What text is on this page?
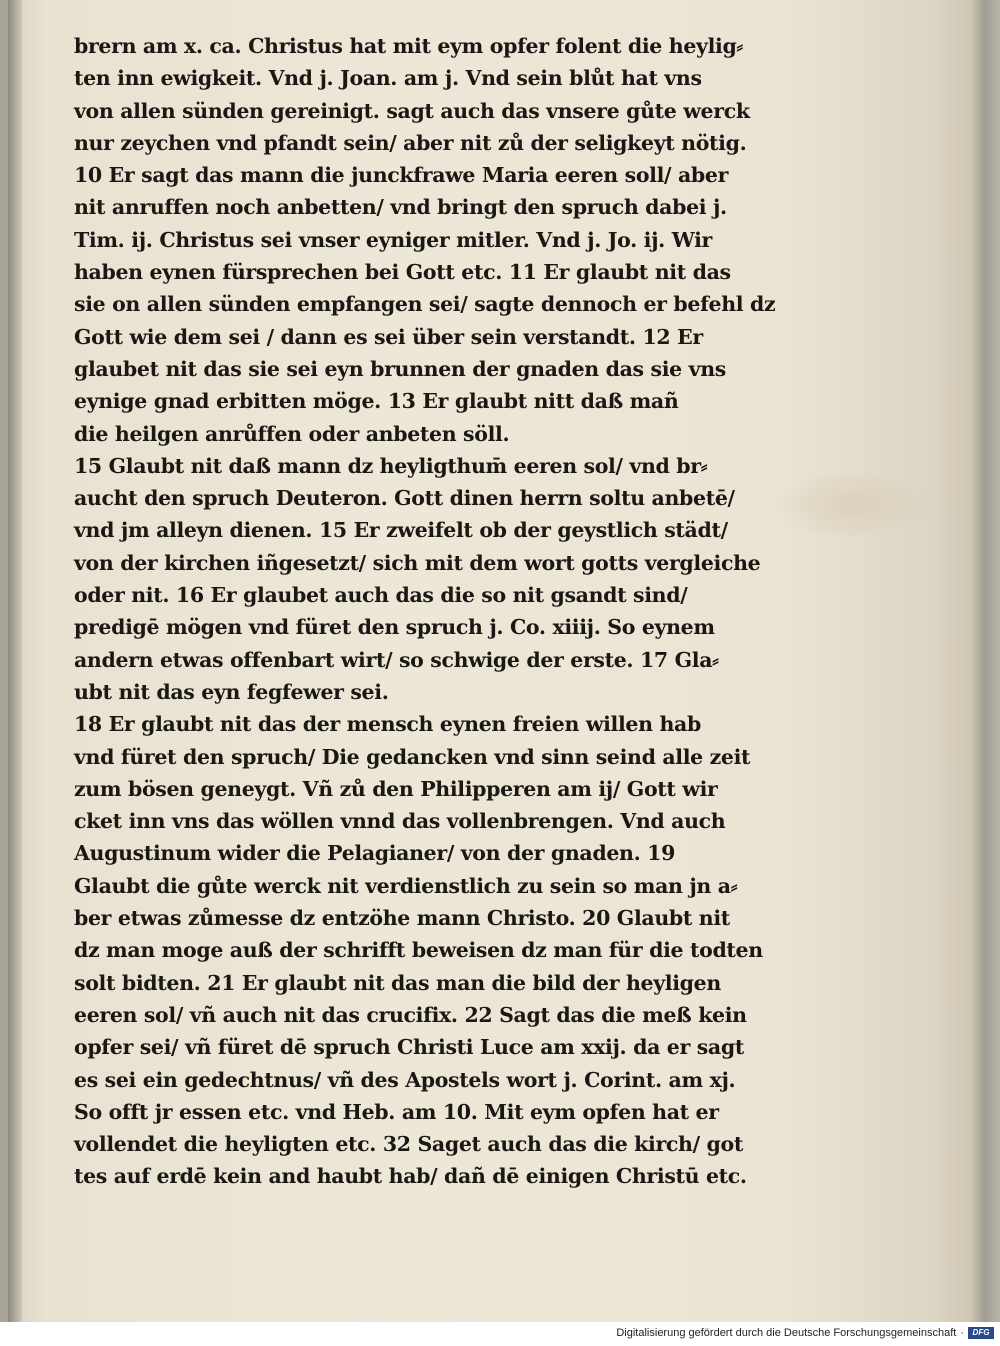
brern am x. ca. Christus hat mit eym opfer folent die heylig⸗
ten inn ewigkeit. Vnd j. Joan. am j. Vnd sein blůt hat vns
von allen sünden gereinigt. sagt auch das vnsere gůte werck
nur zeychen vnd pfandt sein/ aber nit zů der seligkeyt nötig.
10 Er sagt das mann die junckfrawe Maria eeren soll/ aber
nit anruffen noch anbetten/ vnd bringt den spruch dabei j.
Tim. ij. Christus sei vnser eyniger mitler. Vnd j. Jo. ij. Wir
haben eynen fürsprechen bei Gott etc. 11 Er glaubt nit das
sie on allen sünden empfangen sei/ sagte dennoch er befehl dz
Gott wie dem sei / dann es sei über sein verstandt. 12 Er
glaubet nit das sie sei eyn brunnen der gnaden das sie vns
eynige gnad erbitten möge. 13 Er glaubt nitt daß mañ
die heilgen anrůffen oder anbeten söll.
15 Glaubt nit daß mann dz heyligthum̄ eeren sol/ vnd br⸗
aucht den spruch Deuteron. Gott dinen herrn soltu anbetē/
vnd jm alleyn dienen. 15 Er zweifelt ob der geystlich städt/
von der kirchen iñgesetzt/ sich mit dem wort gotts vergleiche
oder nit. 16 Er glaubet auch das die so nit gsandt sind/
predigē mögen vnd füret den spruch j. Co. xiiij. So eynem
andern etwas offenbart wirt/ so schwige der erste. 17 Gla⸗
ubt nit das eyn fegfewer sei.
18 Er glaubt nit das der mensch eynen freien willen hab
vnd füret den spruch/ Die gedancken vnd sinn seind alle zeit
zum bösen geneygt. Vñ zů den Philipperen am ij/ Gott wir
cket inn vns das wöllen vnnd das vollenbrengen. Vnd auch
Augustinum wider die Pelagianer/ von der gnaden. 19
Glaubt die gůte werck nit verdienstlich zu sein so man jn a⸗
ber etwas zůmesse dz entzöhe mann Christo. 20 Glaubt nit
dz man moge auß der schrifft beweisen dz man für die todten
solt bidten. 21 Er glaubt nit das man die bild der heyligen
eeren sol/ vñ auch nit das crucifix. 22 Sagt das die meß kein
opfer sei/ vñ füret dē spruch Christi Luce am xxij. da er sagt
es sei ein gedechtnus/ vñ des Apostels wort j. Corint. am xj.
So offt jr essen etc. vnd Heb. am 10. Mit eym opfen hat er
vollendet die heyligten etc. 32 Saget auch das die kirch/ got
tes auf erdē kein and haubt hab/ dañ dē einigen Christū etc.
Digitalisierung gefördert durch die Deutsche Forschungsgemeinschaft ·	DFG
